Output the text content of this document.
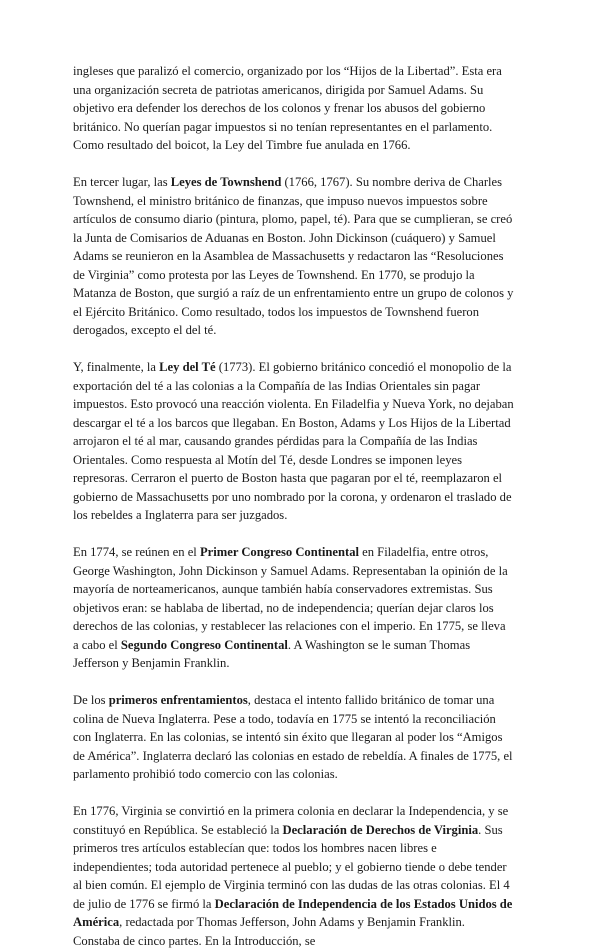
ingleses que paralizó el comercio, organizado por los “Hijos de la Libertad”. Esta era una organización secreta de patriotas americanos, dirigida por Samuel Adams. Su objetivo era defender los derechos de los colonos y frenar los abusos del gobierno británico. No querían pagar impuestos si no tenían representantes en el parlamento. Como resultado del boicot, la Ley del Timbre fue anulada en 1766.

En tercer lugar, las Leyes de Townshend (1766, 1767). Su nombre deriva de Charles Townshend, el ministro británico de finanzas, que impuso nuevos impuestos sobre artículos de consumo diario (pintura, plomo, papel, té). Para que se cumplieran, se creó la Junta de Comisarios de Aduanas en Boston. John Dickinson (cuáquero) y Samuel Adams se reunieron en la Asamblea de Massachusetts y redactaron las “Resoluciones de Virginia” como protesta por las Leyes de Townshend. En 1770, se produjo la Matanza de Boston, que surgió a raíz de un enfrentamiento entre un grupo de colonos y el Ejército Británico. Como resultado, todos los impuestos de Townshend fueron derogados, excepto el del té.

Y, finalmente, la Ley del Té (1773). El gobierno británico concedió el monopolio de la exportación del té a las colonias a la Compañía de las Indias Orientales sin pagar impuestos. Esto provocó una reacción violenta. En Filadelfia y Nueva York, no dejaban descargar el té a los barcos que llegaban. En Boston, Adams y Los Hijos de la Libertad arrojaron el té al mar, causando grandes pérdidas para la Compañía de las Indias Orientales. Como respuesta al Motín del Té, desde Londres se imponen leyes represoras. Cerraron el puerto de Boston hasta que pagaran por el té, reemplazaron el gobierno de Massachusetts por uno nombrado por la corona, y ordenaron el traslado de los rebeldes a Inglaterra para ser juzgados.

En 1774, se reúnen en el Primer Congreso Continental en Filadelfia, entre otros, George Washington, John Dickinson y Samuel Adams. Representaban la opinión de la mayoría de norteamericanos, aunque también había conservadores extremistas. Sus objetivos eran: se hablaba de libertad, no de independencia; querían dejar claros los derechos de las colonias, y restablecer las relaciones con el imperio. En 1775, se lleva a cabo el Segundo Congreso Continental. A Washington se le suman Thomas Jefferson y Benjamin Franklin.

De los primeros enfrentamientos, destaca el intento fallido británico de tomar una colina de Nueva Inglaterra. Pese a todo, todavía en 1775 se intentó la reconciliación con Inglaterra. En las colonias, se intentó sin éxito que llegaran al poder los “Amigos de América”. Inglaterra declaró las colonias en estado de rebeldía. A finales de 1775, el parlamento prohibió todo comercio con las colonias.

En 1776, Virginia se convirtió en la primera colonia en declarar la Independencia, y se constituyó en República. Se estableció la Declaración de Derechos de Virginia. Sus primeros tres artículos establecían que: todos los hombres nacen libres e independientes; toda autoridad pertenece al pueblo; y el gobierno tiende o debe tender al bien común. El ejemplo de Virginia terminó con las dudas de las otras colonias. El 4 de julio de 1776 se firmó la Declaración de Independencia de los Estados Unidos de América, redactada por Thomas Jefferson, John Adams y Benjamin Franklin. Constaba de cinco partes. En la Introducción, se
